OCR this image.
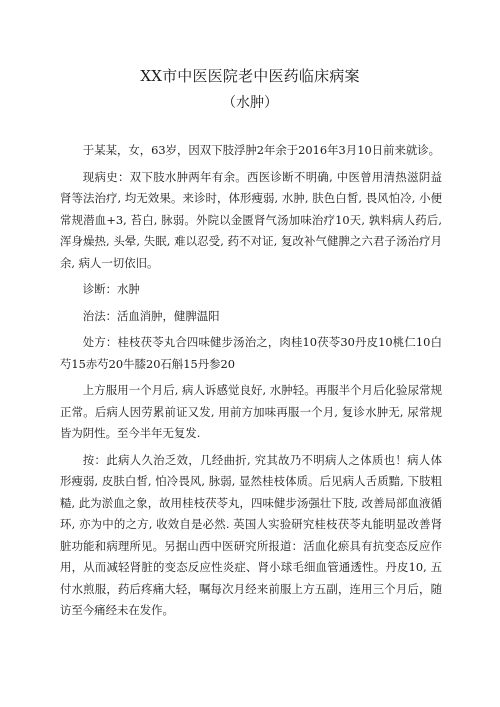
XX市中医医院老中医药临床病案
（水肿）

于某某，女，63岁，因双下肢浮肿2年余于2016年3月10日前来就诊。

现病史：双下肢水肿两年有余。西医诊断不明确, 中医曾用清热滋阴益肾等法治疗, 均无效果。来诊时，体形瘦弱, 水肿, 肤色白皙, 畏风怕冷, 小便常规潜血+3, 苔白, 脉弱。外院以金匮肾气汤加味治疗10天, 孰料病人药后, 浑身燥热, 头晕, 失眠, 难以忍受, 药不对证, 复改补气健脾之六君子汤治疗月余, 病人一切依旧。

诊断：水肿

治法：活血消肿，健脾温阳

处方：桂枝茯苓丸合四味健步汤治之，肉桂10茯苓30丹皮10桃仁10白芍15赤芍20牛膝20石斛15丹参20

上方服用一个月后, 病人诉感觉良好, 水肿轻。再服半个月后化验尿常规正常。后病人因劳累前证又发, 用前方加味再服一个月, 复诊水肿无, 尿常规皆为阴性。至今半年无复发.

按：此病人久治乏效，几经曲折, 究其故乃不明病人之体质也！病人体形瘦弱, 皮肤白皙, 怕冷畏风, 脉弱, 显然桂枝体质。后见病人舌质黯, 下肢粗糙, 此为淤血之象，故用桂枝茯苓丸，四味健步汤强壮下肢, 改善局部血液循环, 亦为中的之方, 收效自是必然. 英国人实验研究桂枝茯苓丸能明显改善肾脏功能和病理所见。另据山西中医研究所报道：活血化瘀具有抗变态反应作用，从而减轻肾脏的变态反应性炎症、肾小球毛细血管通透性。丹皮10, 五付水煎服，药后疼痛大轻，嘱每次月经来前服上方五副，连用三个月后，随访至今痛经未在发作。
